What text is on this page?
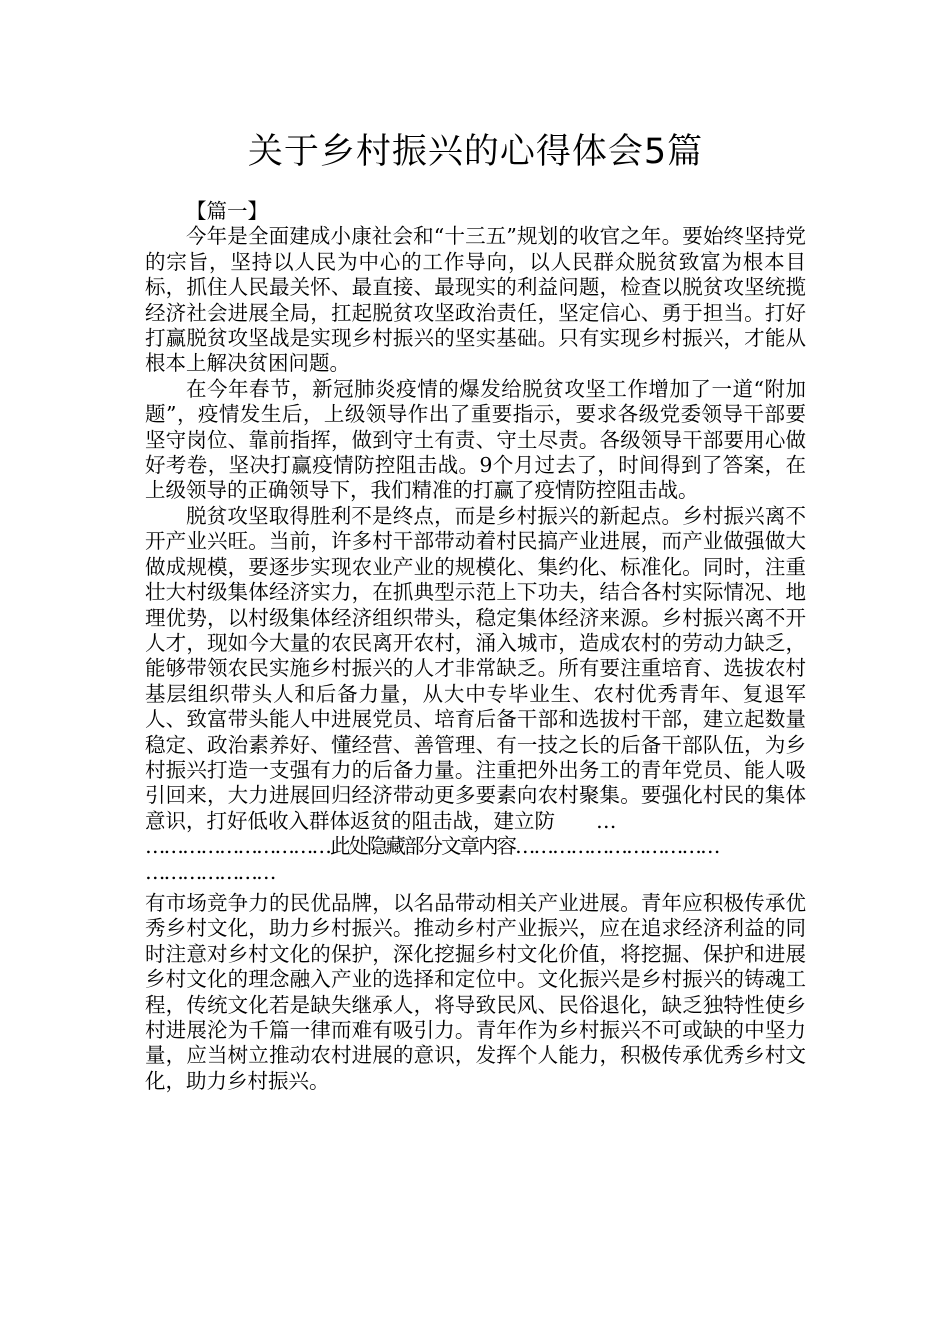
关于乡村振兴的心得体会5篇
【篇一】

今年是全面建成小康社会和“十三五”规划的收官之年。要始终坚持党的宗旨，坚持以人民为中心的工作导向，以人民群众脱贫致富为根本目标，抓住人民最关怀、最直接、最现实的利益问题，检查以脱贫攻坚统揽经济社会进展全局，扛起脱贫攻坚政治责任，坚定信心、勇于担当。打好打赢脱贫攻坚战是实现乡村振兴的坚实基础。只有实现乡村振兴，才能从根本上解决贫困问题。

在今年春节，新冠肺炎疫情的爆发给脱贫攻坚工作增加了一道“附加题”，疫情发生后，上级领导作出了重要指示，要求各级党委领导干部要坚守岗位、靠前指挥，做到守土有责、守土尽责。各级领导干部要用心做好考卷，坚决打赢疫情防控阻击战。9个月过去了，时间得到了答案，在上级领导的正确领导下，我们精准的打赢了疫情防控阻击战。

脱贫攻坚取得胜利不是终点，而是乡村振兴的新起点。乡村振兴离不开产业兴旺。当前，许多村干部带动着村民搞产业进展，而产业做强做大做成规模，要逐步实现农业产业的规模化、集约化、标准化。同时，注重壮大村级集体经济实力，在抓典型示范上下功夫，结合各村实际情况、地理优势，以村级集体经济组织带头，稳定集体经济来源。乡村振兴离不开人才，现如今大量的农民离开农村，涌入城市，造成农村的劳动力缺乏，能够带领农民实施乡村振兴的人才非常缺乏。所有要注重培育、选拔农村基层组织带头人和后备力量，从大中专毕业生、农村优秀青年、复退军人、致富带头能人中进展党员、培育后备干部和选拔村干部，建立起数量稳定、政治素养好、懂经营、善管理、有一技之长的后备干部队伍，为乡村振兴打造一支强有力的后备力量。注重把外出务工的青年党员、能人吸引回来，大力进展回归经济带动更多要素向农村聚集。要强化村民的集体意识，打好低收入群体返贫的阻击战，建立防　　…

…………………………此处隐藏部分文章内容……………………………

…………………

有市场竞争力的民优品牌，以名品带动相关产业进展。青年应积极传承优秀乡村文化，助力乡村振兴。推动乡村产业振兴，应在追求经济利益的同时注意对乡村文化的保护，深化挖掘乡村文化价值，将挖掘、保护和进展乡村文化的理念融入产业的选择和定位中。文化振兴是乡村振兴的铸魂工程，传统文化若是缺失继承人，将导致民风、民俗退化，缺乏独特性使乡村进展沦为千篇一律而难有吸引力。青年作为乡村振兴不可或缺的中坚力量，应当树立推动农村进展的意识，发挥个人能力，积极传承优秀乡村文化，助力乡村振兴。
